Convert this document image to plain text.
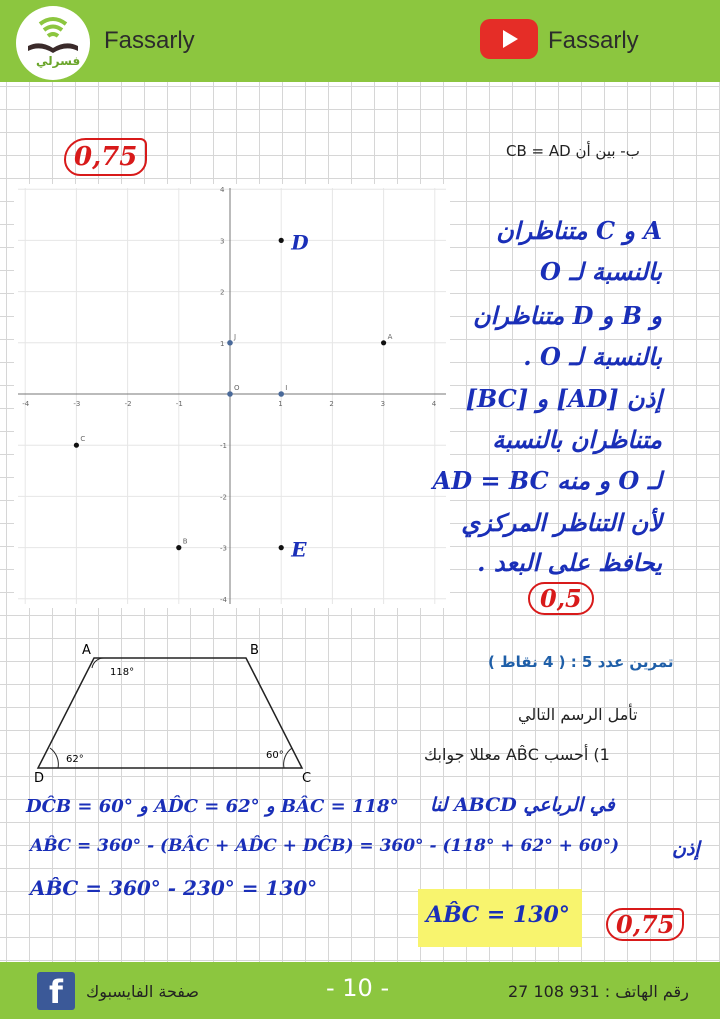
فسرلي
Fassarly	Fassarly
ب- بين أن CB = AD
0,75
-4	-3	-2	-1	1	2	3	4
4
3
2
1
-1
-2
-3
-4
A
B
C
D
E
J
O	I
A و C متناظران
بالنسبة لـ O
و B و D متناظران
بالنسبة لـ O .
إذن [AD] و [BC]
متناظران بالنسبة
لـ O و منه AD = BC
لأن التناظر المركزي
يحافظ على البعد .
0,5
تمرين عدد 5 : ( 4 نقاط )
تأمل الرسم التالي
1) أحسب AB̂C معللا جوابك
A	B
C
D
118°
62°	60°
في الرباعي ABCD لنا
DĈB = 60° و AD̂C = 62° و BÂC = 118°
إذن
AB̂C = 360° - (BÂC + AD̂C + DĈB) = 360° - (118° + 62° + 60°)
AB̂C = 360° - 230° = 130°
AB̂C = 130°	0,75
f صفحة الفايسبوك	- 10 -	رقم الهاتف : 931 108 27
